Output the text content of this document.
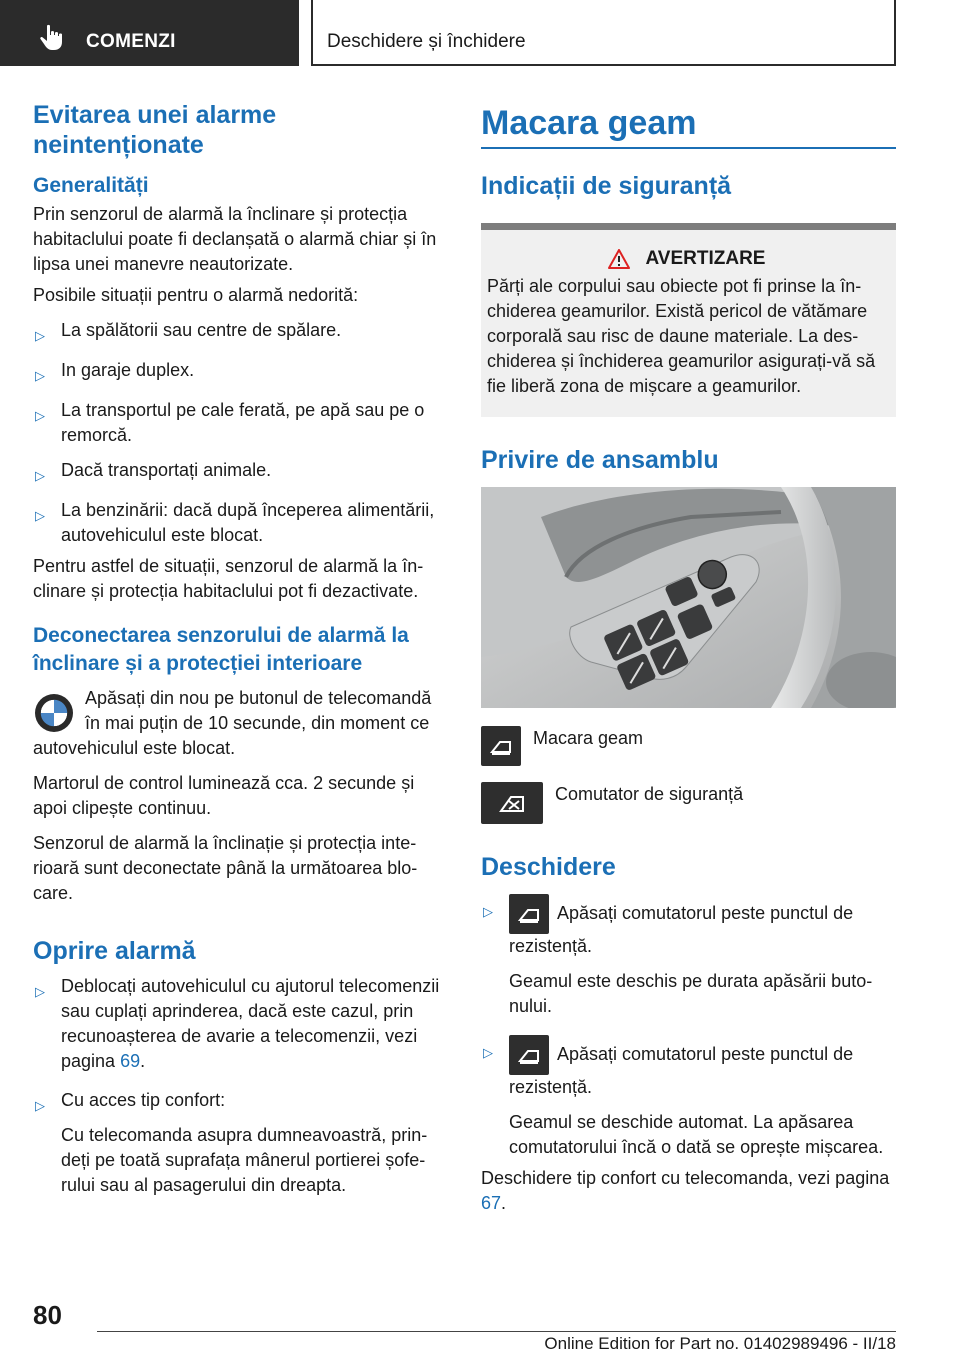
COMENZI	Deschidere și închidere
Evitarea unei alarme neintenționate
Generalități
Prin senzorul de alarmă la înclinare și protecția habitaclului poate fi declanșată o alarmă chiar și în lipsa unei manevre neautorizate.
Posibile situații pentru o alarmă nedorită:
▷ La spălătorii sau centre de spălare.
▷ In garaje duplex.
▷ La transportul pe cale ferată, pe apă sau pe o remorcă.
▷ Dacă transportați animale.
▷ La benzinării: dacă după începerea alimentării, autovehiculul este blocat.
Pentru astfel de situații, senzorul de alarmă la înclinare și protecția habitaclului pot fi dezactivate.
Deconectarea senzorului de alarmă la înclinare și a protecției interioare
Apăsați din nou pe butonul de telecomandă în mai puțin de 10 secunde, din moment ce autovehiculul este blocat.
Martorul de control luminează cca. 2 secunde și apoi clipește continuu.
Senzorul de alarmă la înclinație și protecția interioară sunt deconectate până la următoarea blocare.
Oprire alarmă
▷ Deblocați autovehiculul cu ajutorul telecomenzii sau cuplați aprinderea, dacă este cazul, prin recunoașterea de avarie a telecomenzii, vezi pagina 69.
▷ Cu acces tip confort:
Cu telecomanda asupra dumneavoastră, prindeți pe toată suprafața mânerul portierei șoferului sau al pasagerului din dreapta.
Macara geam
Indicații de siguranță
AVERTIZARE
Părți ale corpului sau obiecte pot fi prinse la închiderea geamurilor. Există pericol de vătămare corporală sau risc de daune materiale. La deschiderea și închiderea geamurilor asigurați-vă să fie liberă zona de mișcare a geamurilor.
Privire de ansamblu
Macara geam
Comutator de siguranță
Deschidere
▷	Apăsați comutatorul peste punctul de rezistență.
Geamul este deschis pe durata apăsării butonului.
▷	Apăsați comutatorul peste punctul de rezistență.
Geamul se deschide automat. La apăsarea comutatorului încă o dată se oprește mișcarea.
Deschidere tip confort cu telecomanda, vezi pagina 67.
80
Online Edition for Part no. 01402989496 - II/18
